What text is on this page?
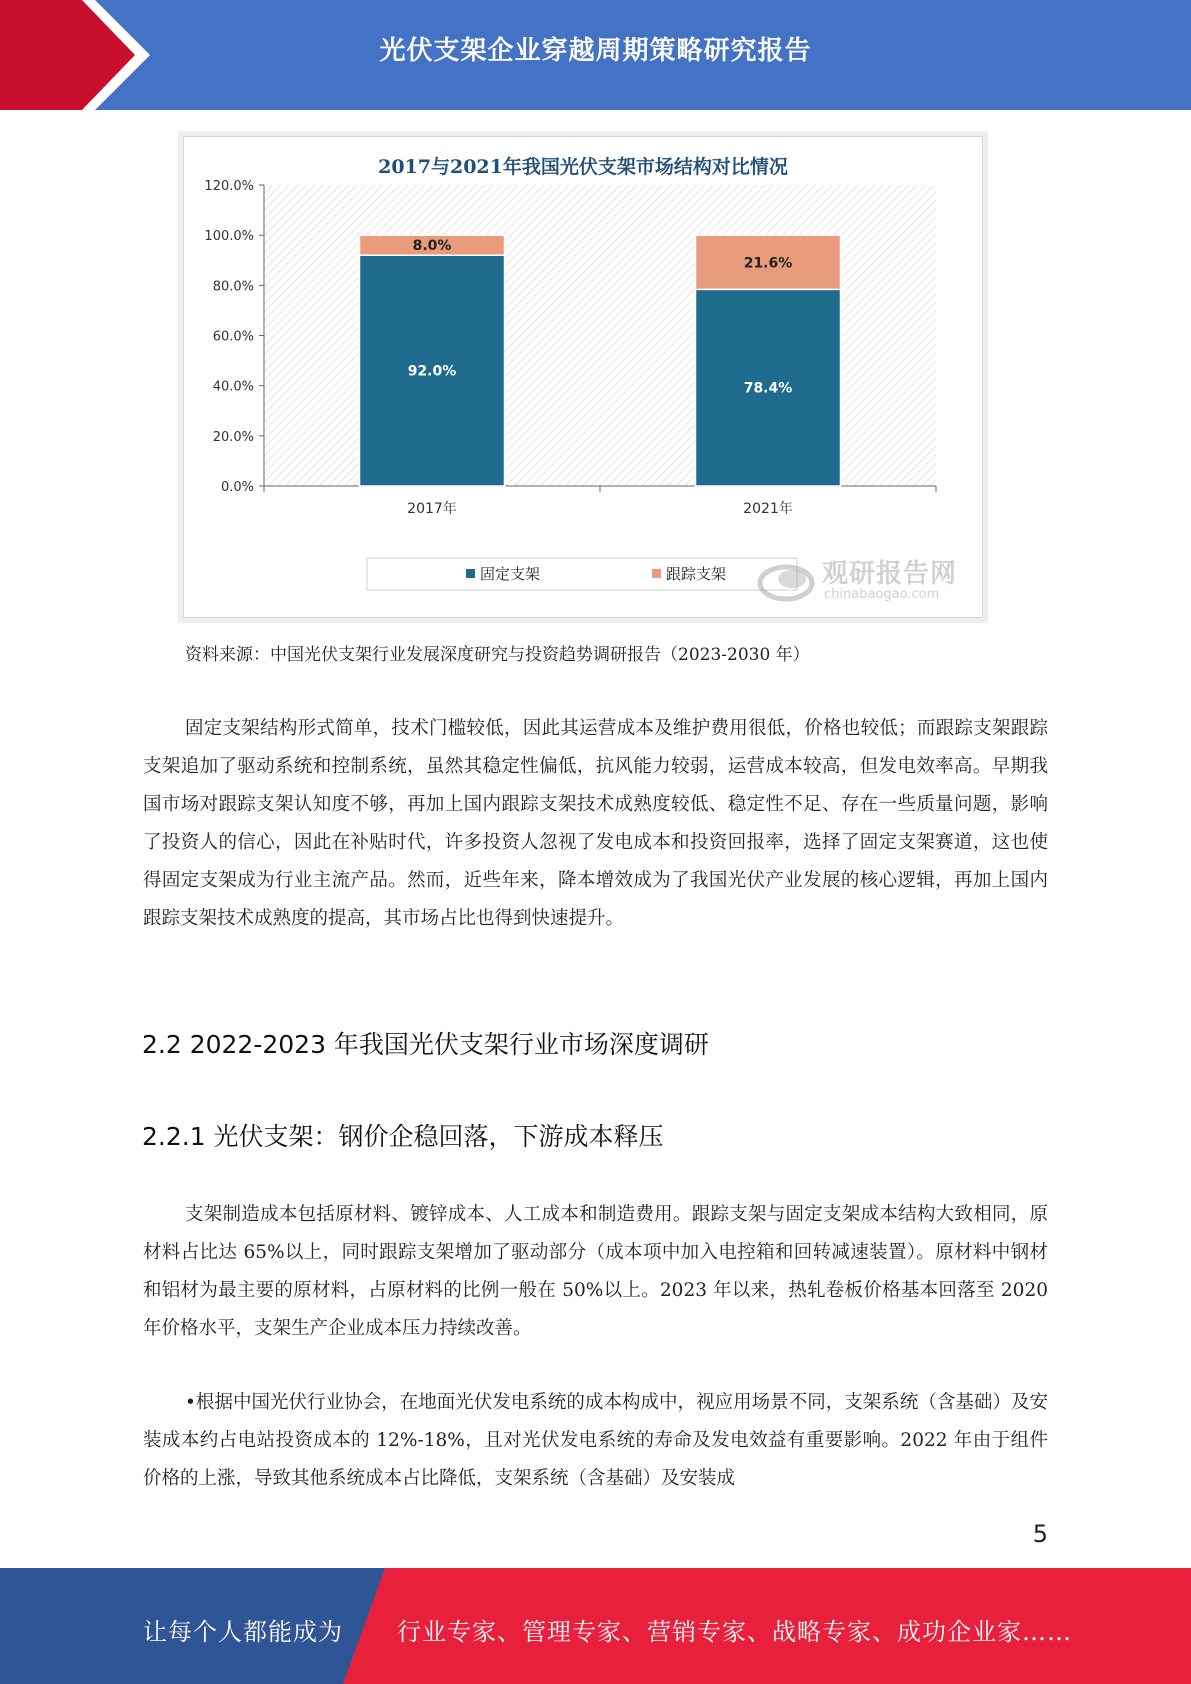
光伏支架企业穿越周期策略研究报告
2017与2021年我国光伏支架市场结构对比情况
0.0%
20.0%
40.0%
60.0%
80.0%
100.0%
120.0%
92.0%
8.0%
2017年
78.4%
21.6%
2021年
固定支架	跟踪支架	观研报告网
chinabaogao.com
资料来源：中国光伏支架行业发展深度研究与投资趋势调研报告（2023-2030 年）
固定支架结构形式简单，技术门槛较低，因此其运营成本及维护费用很低，价格也较低；而跟踪支架跟踪支架追加了驱动系统和控制系统，虽然其稳定性偏低，抗风能力较弱，运营成本较高，但发电效率高。早期我国市场对跟踪支架认知度不够，再加上国内跟踪支架技术成熟度较低、稳定性不足、存在一些质量问题，影响了投资人的信心，因此在补贴时代，许多投资人忽视了发电成本和投资回报率，选择了固定支架赛道，这也使得固定支架成为行业主流产品。然而，近些年来，降本增效成为了我国光伏产业发展的核心逻辑，再加上国内跟踪支架技术成熟度的提高，其市场占比也得到快速提升。
2.2 2022-2023 年我国光伏支架行业市场深度调研
2.2.1 光伏支架：钢价企稳回落，下游成本释压
支架制造成本包括原材料、镀锌成本、人工成本和制造费用。跟踪支架与固定支架成本结构大致相同，原材料占比达 65%以上，同时跟踪支架增加了驱动部分（成本项中加入电控箱和回转减速装置）。原材料中钢材和铝材为最主要的原材料，占原材料的比例一般在 50%以上。2023 年以来，热轧卷板价格基本回落至 2020 年价格水平，支架生产企业成本压力持续改善。
•根据中国光伏行业协会，在地面光伏发电系统的成本构成中，视应用场景不同，支架系统（含基础）及安装成本约占电站投资成本的 12%-18%，且对光伏发电系统的寿命及发电效益有重要影响。2022 年由于组件价格的上涨，导致其他系统成本占比降低，支架系统（含基础）及安装成
5
让每个人都能成为 行业专家、管理专家、营销专家、战略专家、成功企业家……
